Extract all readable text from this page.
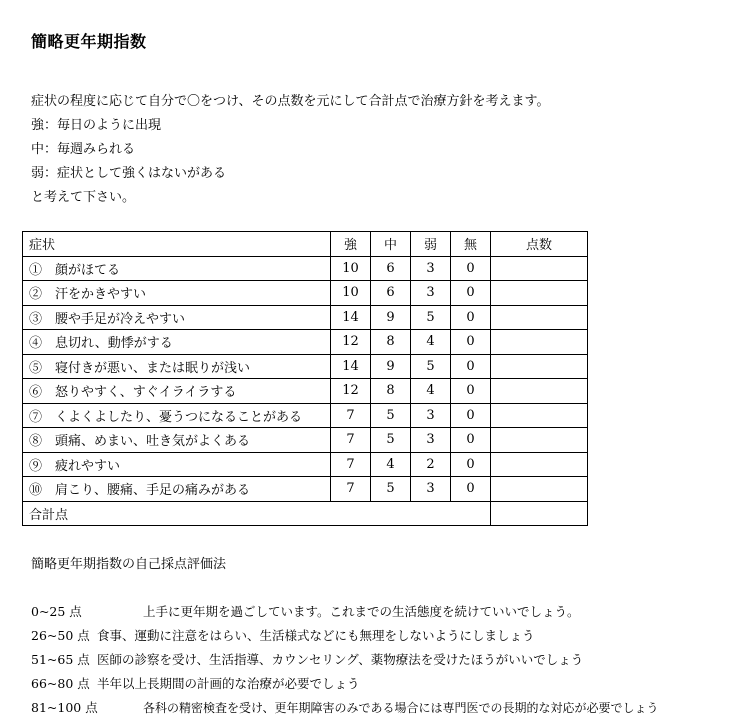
簡略更年期指数
症状の程度に応じて自分で〇をつけ、その点数を元にして合計点で治療方針を考えます。
強：毎日のように出現
中：毎週みられる
弱：症状として強くはないがある
と考えて下さい。
症状	強	中	弱	無	点数
①　顔がほてる	10	6	3	0	
②　汗をかきやすい	10	6	3	0	
③　腰や手足が冷えやすい	14	9	5	0	
④　息切れ、動悸がする	12	8	4	0	
⑤　寝付きが悪い、または眠りが浅い	14	9	5	0	
⑥　怒りやすく、すぐイライラする	12	8	4	0	
⑦　くよくよしたり、憂うつになることがある	7	5	3	0	
⑧　頭痛、めまい、吐き気がよくある	7	5	3	0	
⑨　疲れやすい	7	4	2	0	
⑩　肩こり、腰痛、手足の痛みがある	7	5	3	0	
合計点					
簡略更年期指数の自己採点評価法
0~25 点	上手に更年期を過ごしています。これまでの生活態度を続けていいでしょう。
26~50 点 食事、運動に注意をはらい、生活様式などにも無理をしないようにしましょう
51~65 点 医師の診察を受け、生活指導、カウンセリング、薬物療法を受けたほうがいいでしょう
66~80 点 半年以上長期間の計画的な治療が必要でしょう
81~100 点	各科の精密検査を受け、更年期障害のみである場合には専門医での長期的な対応が必要でしょう
